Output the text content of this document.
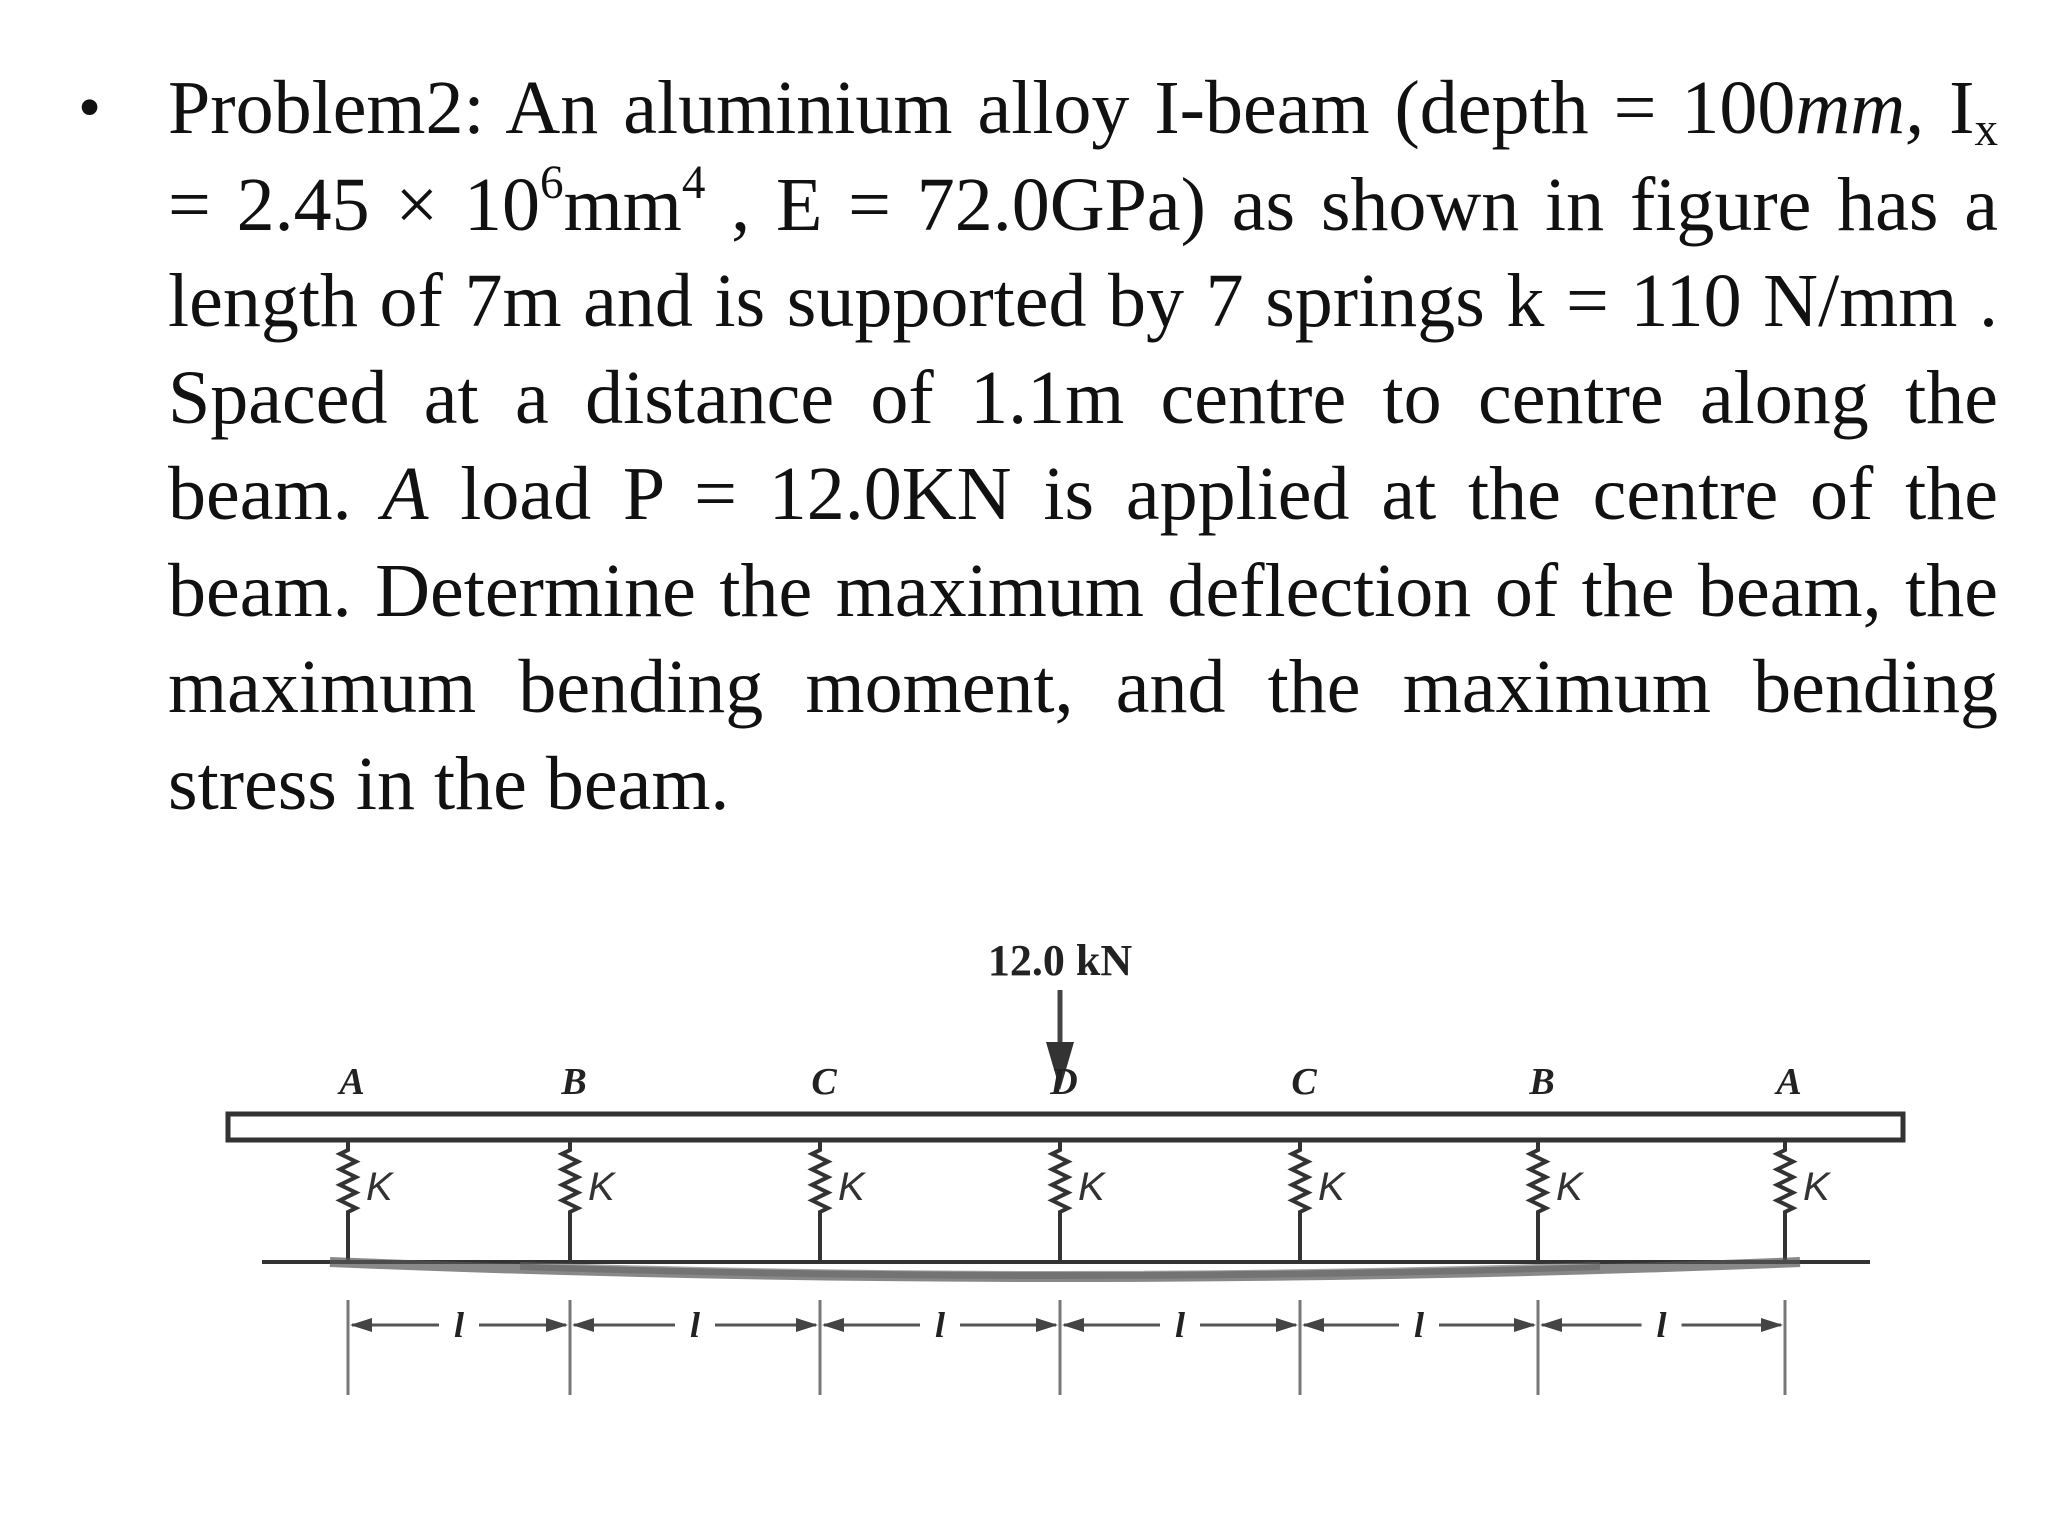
• Problem2: An aluminium alloy I-beam (depth = 100mm, $I_x = 2.45 \times 10^6mm^4$ , E = 72.0GPa) as shown in figure has a length of 7m and is supported by 7 springs k = 110 N/mm . Spaced at a distance of 1.1m centre to centre along the beam. A load P = 12.0KN is applied at the centre of the beam. Determine the maximum deflection of the beam, the maximum bending moment, and the maximum bending stress in the beam.
12.0 kN
A	B	C	D	C	B	A
K	K	K	K	K	K	K
l	l	l	l	l	l
